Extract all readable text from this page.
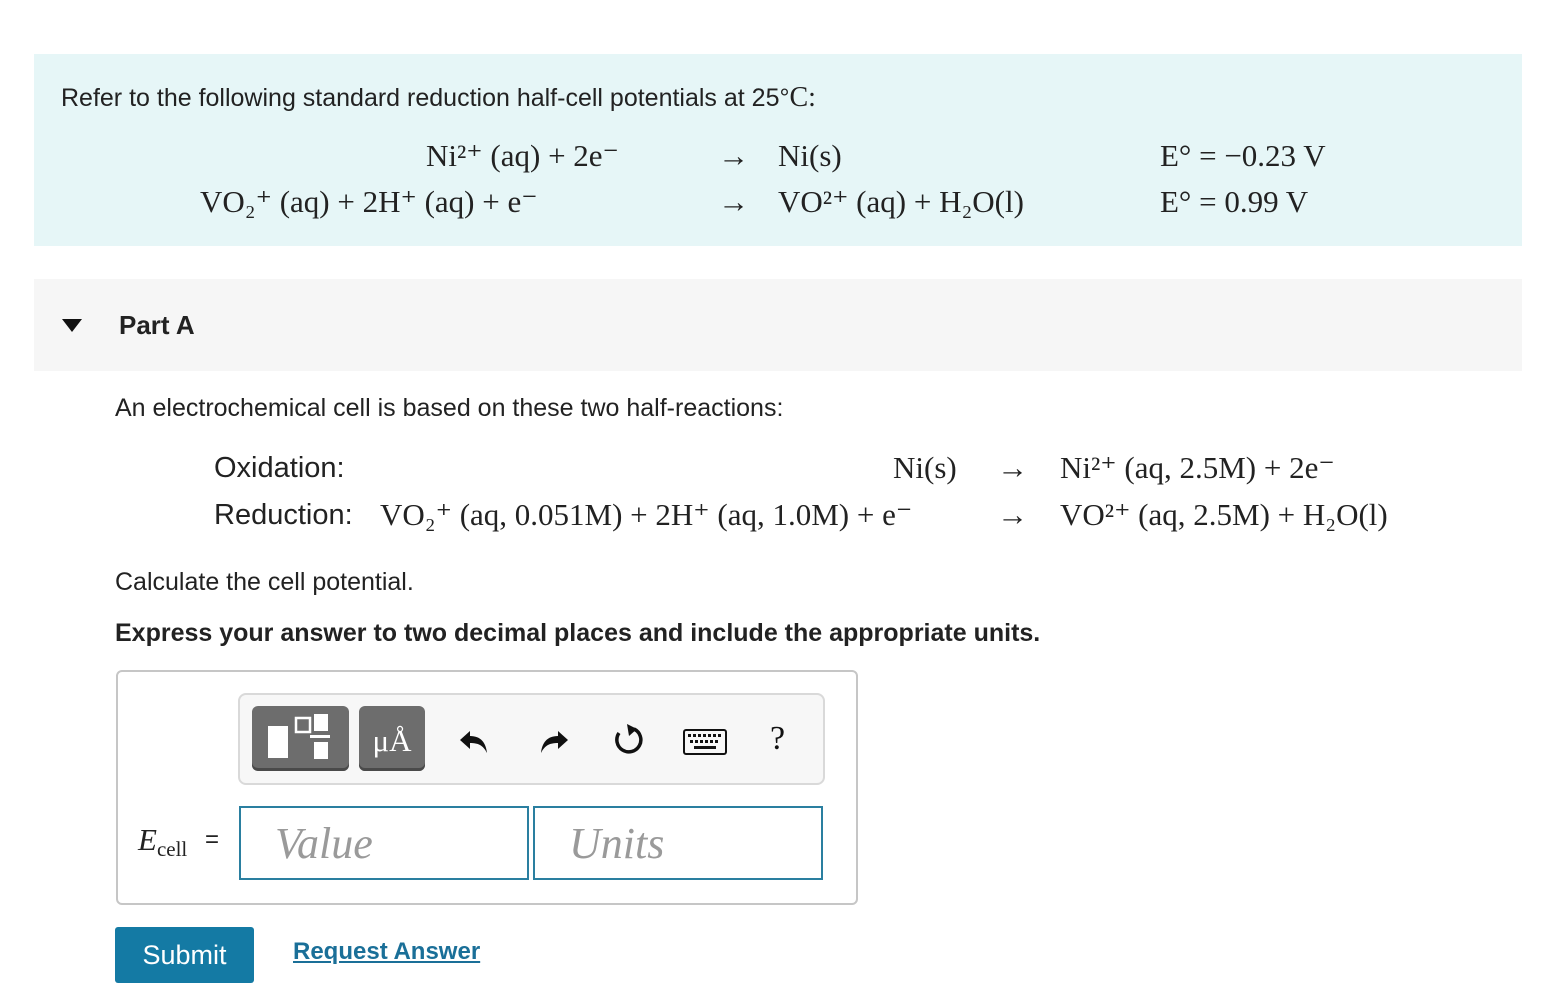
Refer to the following standard reduction half-cell potentials at 25°C:
Ni²⁺ (aq) + 2e⁻	→ Ni(s)	E° = −0.23 V
VO₂⁺ (aq) + 2H⁺ (aq) + e⁻	→ VO²⁺ (aq) + H₂O(l)	E° = 0.99 V
Part A
An electrochemical cell is based on these two half-reactions:
Oxidation:	Ni(s) → Ni²⁺ (aq, 2.5M) + 2e⁻
Reduction: VO₂⁺ (aq, 0.051M) + 2H⁺ (aq, 1.0M) + e⁻	→ VO²⁺ (aq, 2.5M) + H₂O(l)
Calculate the cell potential.
Express your answer to two decimal places and include the appropriate units.
μÅ	?
Ecell =
Value
Units
Submit	Request Answer
